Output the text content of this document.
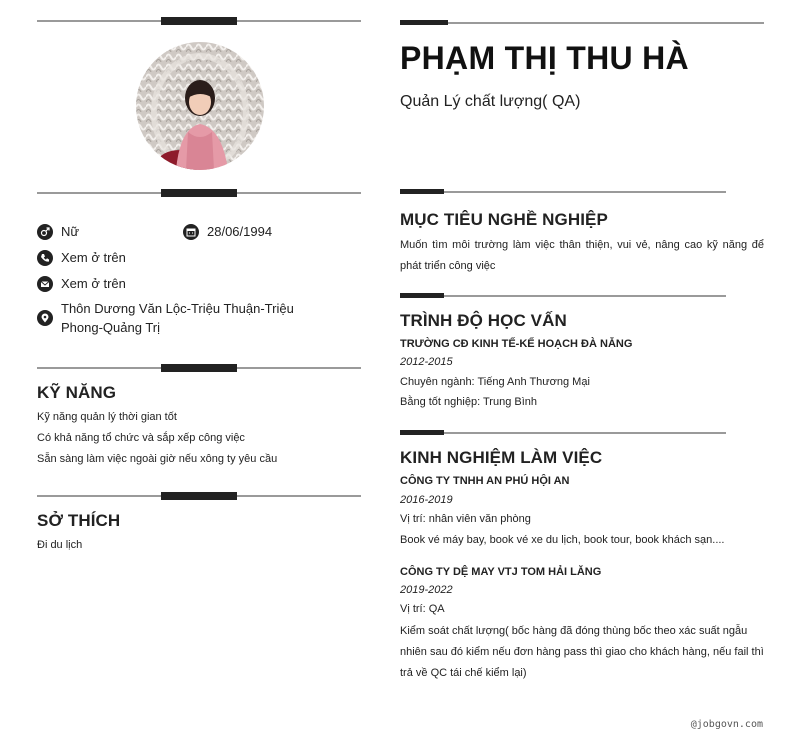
Nữ	28/06/1994
Xem ở trên
Xem ở trên
Thôn Dương Văn Lộc-Triệu Thuận-Triệu Phong-Quảng Trị
KỸ NĂNG
Kỹ năng quản lý thời gian tốt
Có khả năng tổ chức và sắp xếp công việc
Sẵn sàng làm việc ngoài giờ nếu xông ty yêu cầu
SỞ THÍCH
Đi du lịch
PHẠM THỊ THU HÀ
Quản Lý chất lượng( QA)
MỤC TIÊU NGHỀ NGHIỆP
Muốn tìm môi trường làm việc thân thiện, vui vẻ, nâng cao kỹ năng để phát triển công việc
TRÌNH ĐỘ HỌC VẤN
TRƯỜNG CĐ KINH TẾ-KẾ HOẠCH ĐÀ NẴNG
2012-2015
Chuyên ngành: Tiếng Anh Thương Mại
Bằng tốt nghiệp: Trung Bình
KINH NGHIỆM LÀM VIỆC
CÔNG TY TNHH AN PHÚ HỘI AN
2016-2019
Vị trí: nhân viên văn phòng
Book vé máy bay, book vé xe du lịch, book tour, book khách sạn....
CÔNG TY DỆ MAY VTJ TOM HẢI LĂNG
2019-2022
Vị trí: QA
Kiểm soát chất lượng( bốc hàng đã đóng thùng bốc theo xác suất ngẫu nhiên sau đó kiểm nếu đơn hàng pass thì giao cho khách hàng, nếu fail thì trả về QC tái chế kiểm lại)
@jobgovn.com
